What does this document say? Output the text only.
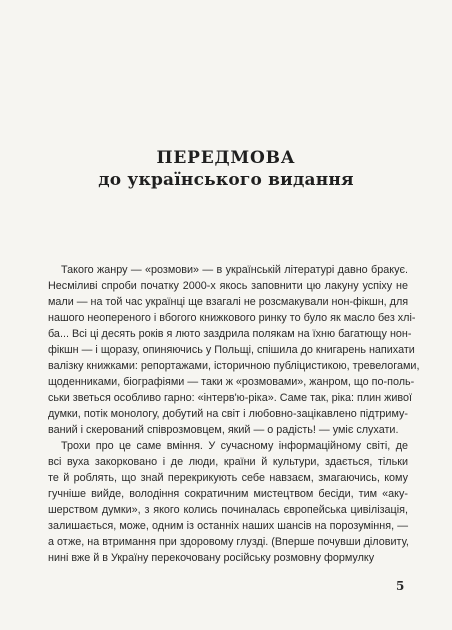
ПЕРЕДМОВА
до українського видання
Такого жанру — «розмови» — в українській літературі давно бракує.
Несміливі спроби початку 2000-х якось заповнити цю лакуну успіху не
мали — на той час українці ще взагалі не розсмакували нон-фікшн, для
нашого неопереного і вбогого книжкового ринку то було як масло без хлі-
ба... Всі ці десять років я люто заздрила полякам на їхню багатющу нон-
фікшн — і щоразу, опиняючись у Польщі, спішила до книгарень напихати
валізку книжками: репортажами, історичною публіцистикою, тревелогами,
щоденниками, біографіями — таки ж «розмовами», жанром, що по-поль-
ськи зветься особливо гарно: «інтерв'ю-ріка». Саме так, ріка: плин живої
думки, потік монологу, добутий на світ і любовно-зацікавлено підтриму-
ваний і скерований співрозмовцем, який — о радість! — уміє слухати.
Трохи про це саме вміння. У сучасному інформаційному світі, де
всі вуха закорковано і де люди, країни й культури, здається, тільки
те й роблять, що знай перекрикують себе навзаєм, змагаючись, кому
гучніше вийде, володіння сократичним мистецтвом бесіди, тим «аку-
шерством думки», з якого колись починалась європейська цивілізація,
залишається, може, одним із останніх наших шансів на порозуміння, —
а отже, на втримання при здоровому глузді. (Вперше почувши діловиту,
нині вже й в Україну перекочовану російську розмовну формулку
5
